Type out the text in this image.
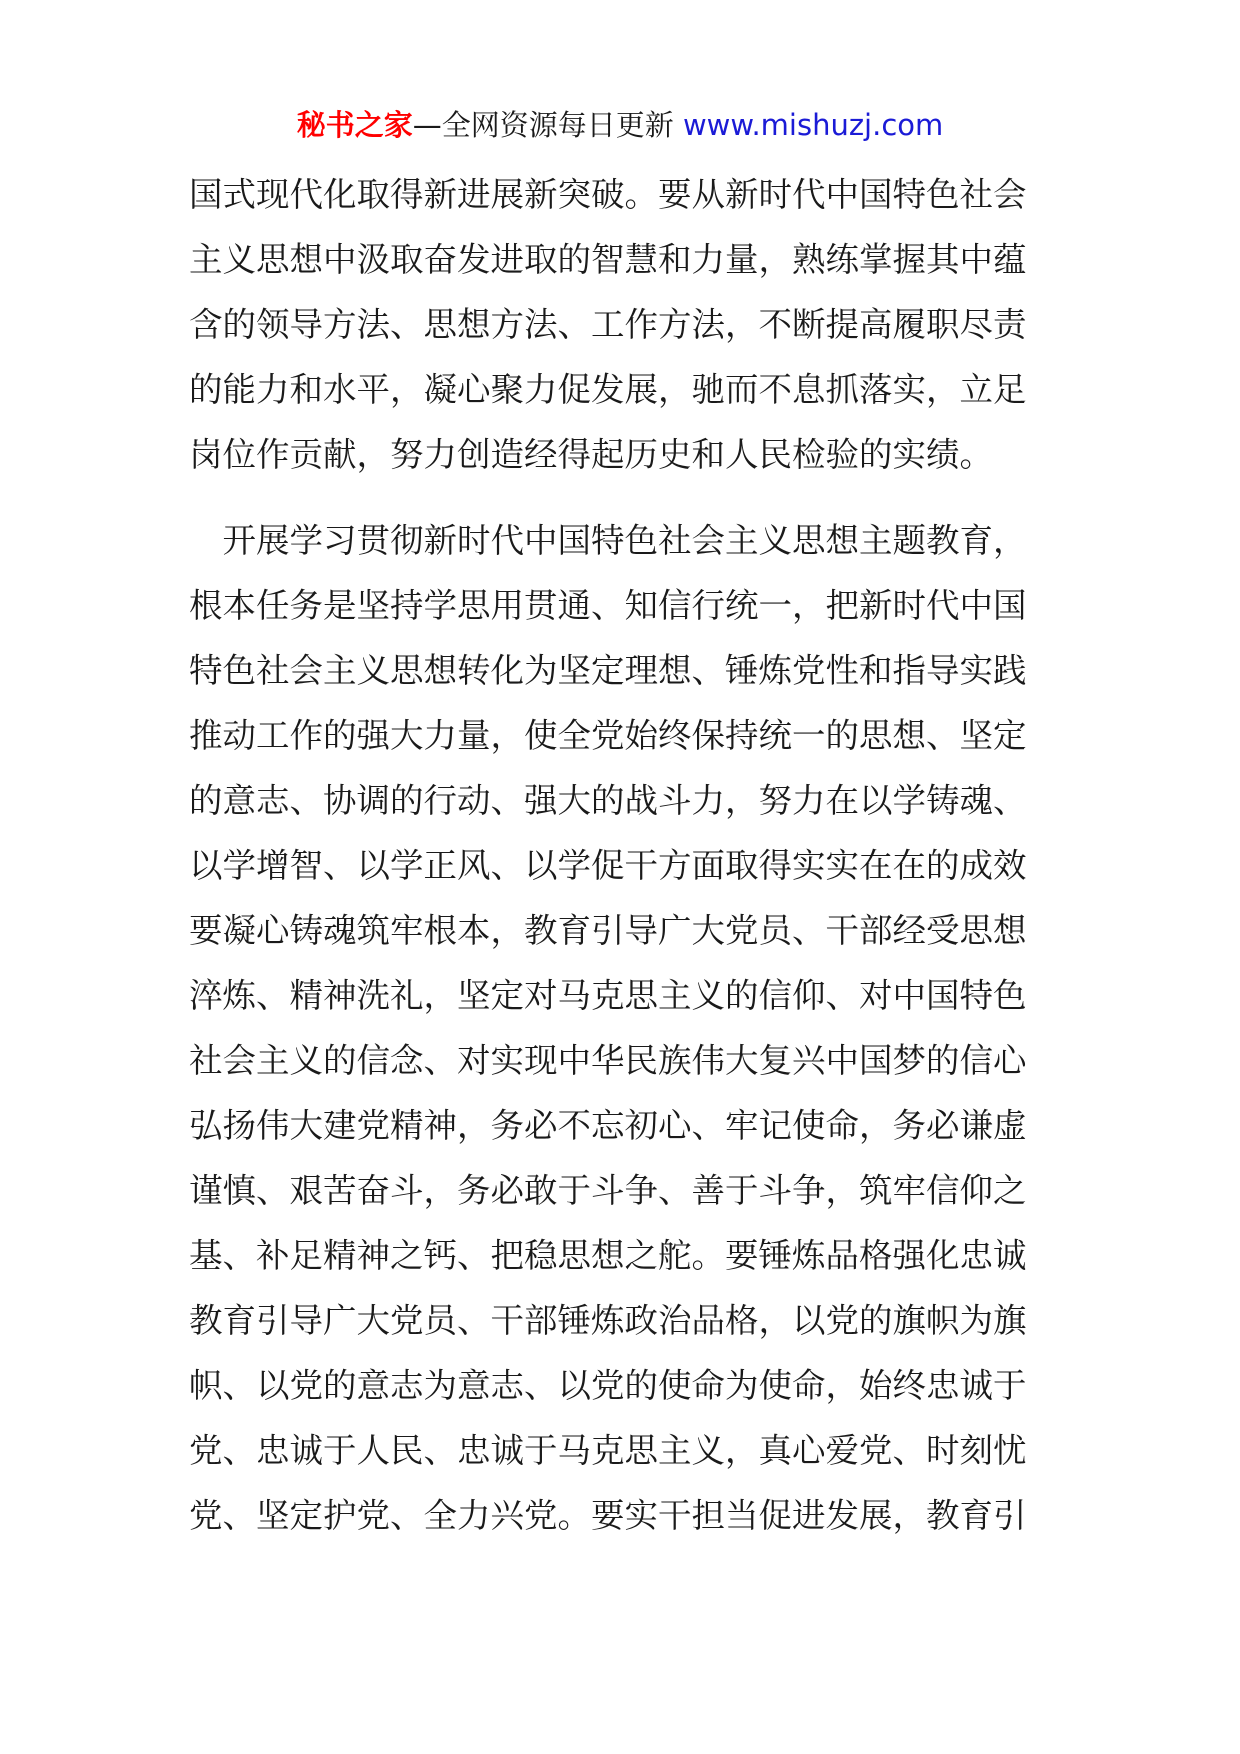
秘书之家—全网资源每日更新 www.mishuzj.com

国式现代化取得新进展新突破。要从新时代中国特色社会
主义思想中汲取奋发进取的智慧和力量，熟练掌握其中蕴
含的领导方法、思想方法、工作方法，不断提高履职尽责
的能力和水平，凝心聚力促发展，驰而不息抓落实，立足
岗位作贡献，努力创造经得起历史和人民检验的实绩。

　开展学习贯彻新时代中国特色社会主义思想主题教育，
根本任务是坚持学思用贯通、知信行统一，把新时代中国
特色社会主义思想转化为坚定理想、锤炼党性和指导实践
推动工作的强大力量，使全党始终保持统一的思想、坚定
的意志、协调的行动、强大的战斗力，努力在以学铸魂、
以学增智、以学正风、以学促干方面取得实实在在的成效
要凝心铸魂筑牢根本，教育引导广大党员、干部经受思想
淬炼、精神洗礼，坚定对马克思主义的信仰、对中国特色
社会主义的信念、对实现中华民族伟大复兴中国梦的信心
弘扬伟大建党精神，务必不忘初心、牢记使命，务必谦虚
谨慎、艰苦奋斗，务必敢于斗争、善于斗争，筑牢信仰之
基、补足精神之钙、把稳思想之舵。要锤炼品格强化忠诚
教育引导广大党员、干部锤炼政治品格，以党的旗帜为旗
帜、以党的意志为意志、以党的使命为使命，始终忠诚于
党、忠诚于人民、忠诚于马克思主义，真心爱党、时刻忧
党、坚定护党、全力兴党。要实干担当促进发展，教育引
